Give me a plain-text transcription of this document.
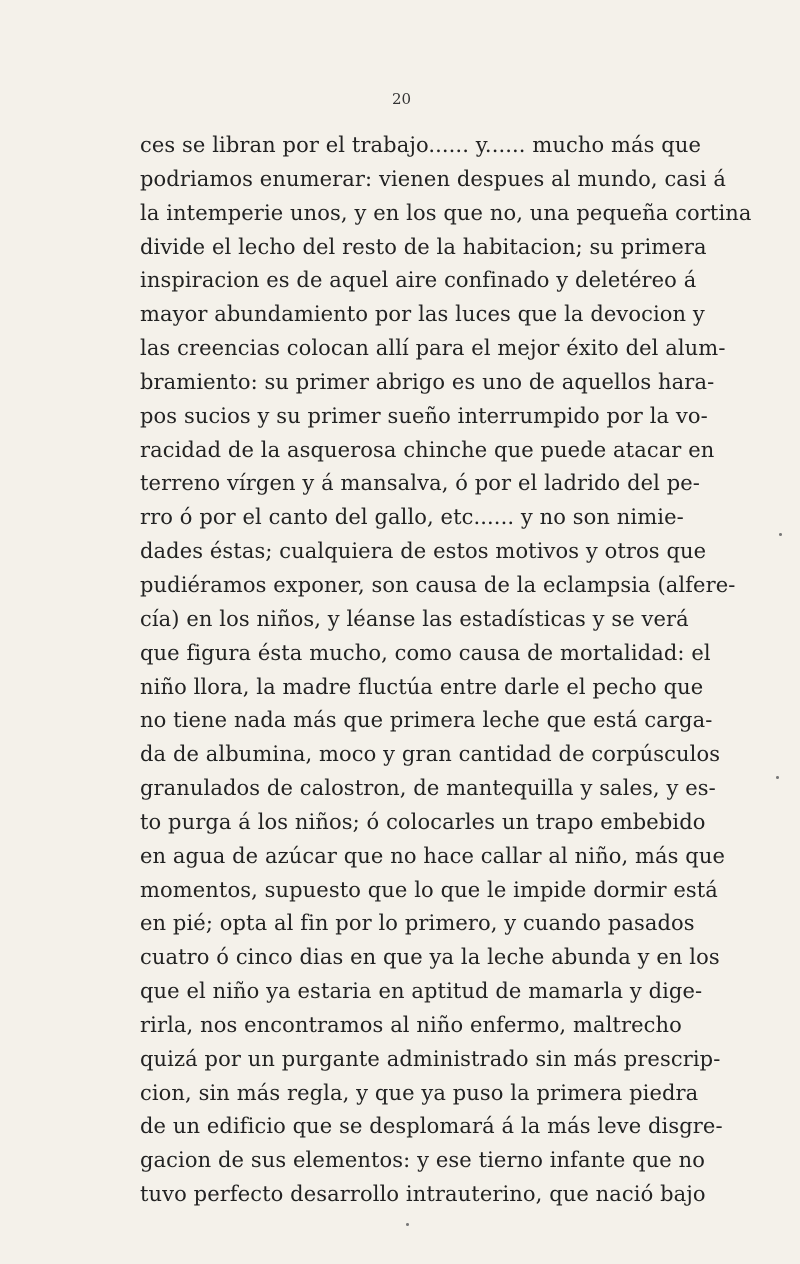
20
ces se libran por el trabajo...... y...... mucho más que
podriamos enumerar: vienen despues al mundo, casi á
la intemperie unos, y en los que no, una pequeña cortina
divide el lecho del resto de la habitacion; su primera
inspiracion es de aquel aire confinado y deletéreo á
mayor abundamiento por las luces que la devocion y
las creencias colocan allí para el mejor éxito del alum-
bramiento: su primer abrigo es uno de aquellos hara-
pos sucios y su primer sueño interrumpido por la vo-
racidad de la asquerosa chinche que puede atacar en
terreno vírgen y á mansalva, ó por el ladrido del pe-
rro ó por el canto del gallo, etc...... y no son nimie-
dades éstas; cualquiera de estos motivos y otros que
pudiéramos exponer, son causa de la eclampsia (alfere-
cía) en los niños, y léanse las estadísticas y se verá
que figura ésta mucho, como causa de mortalidad: el
niño llora, la madre fluctúa entre darle el pecho que
no tiene nada más que primera leche que está carga-
da de albumina, moco y gran cantidad de corpúsculos
granulados de calostron, de mantequilla y sales, y es-
to purga á los niños; ó colocarles un trapo embebido
en agua de azúcar que no hace callar al niño, más que
momentos, supuesto que lo que le impide dormir está
en pié; opta al fin por lo primero, y cuando pasados
cuatro ó cinco dias en que ya la leche abunda y en los
que el niño ya estaria en aptitud de mamarla y dige-
rirla, nos encontramos al niño enfermo, maltrecho
quizá por un purgante administrado sin más prescrip-
cion, sin más regla, y que ya puso la primera piedra
de un edificio que se desplomará á la más leve disgre-
gacion de sus elementos: y ese tierno infante que no
tuvo perfecto desarrollo intrauterino, que nació bajo
